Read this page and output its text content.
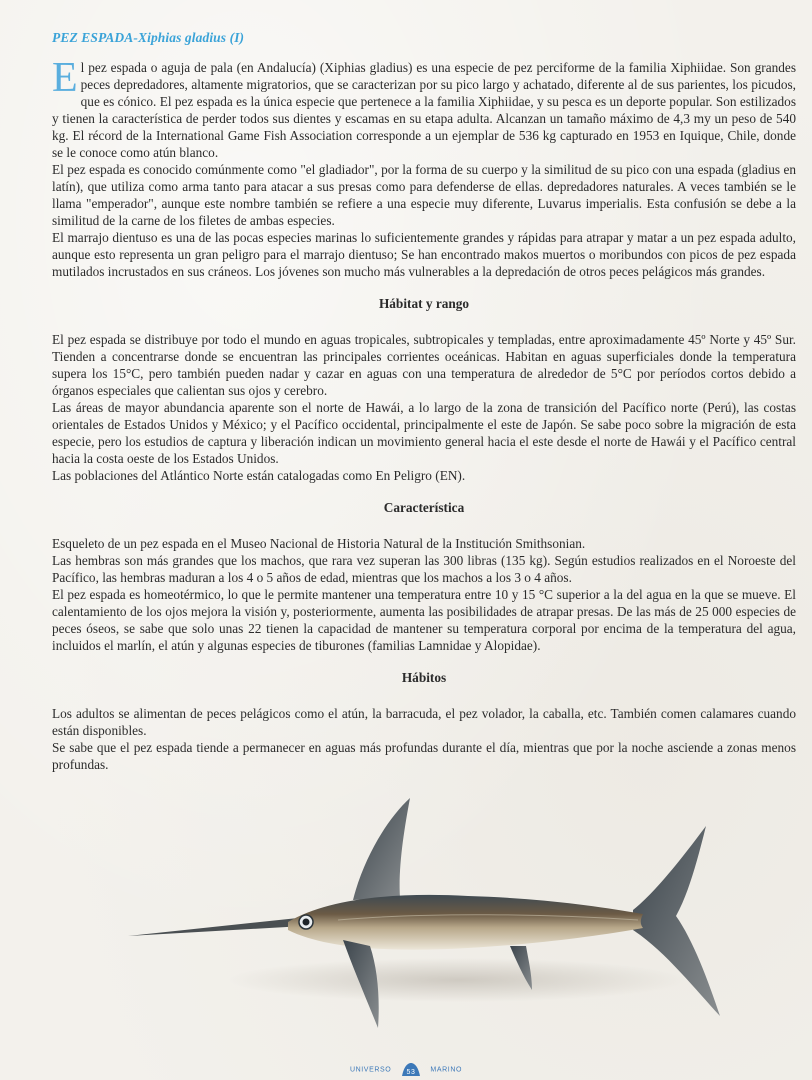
PEZ ESPADA-Xiphias gladius (I)

El pez espada o aguja de pala (en Andalucía) (Xiphias gladius) es una especie de pez perciforme de la familia Xiphiidae. Son grandes peces depredadores, altamente migratorios, que se caracterizan por su pico largo y achatado, diferente al de sus parientes, los picudos, que es cónico. El pez espada es la única especie que pertenece a la familia Xiphiidae, y su pesca es un deporte popular. Son estilizados y tienen la característica de perder todos sus dientes y escamas en su etapa adulta. Alcanzan un tamaño máximo de 4,3 my un peso de 540 kg. El récord de la International Game Fish Association corresponde a un ejemplar de 536 kg capturado en 1953 en Iquique, Chile, donde se le conoce como atún blanco.

El pez espada es conocido comúnmente como "el gladiador", por la forma de su cuerpo y la similitud de su pico con una espada (gladius en latín), que utiliza como arma tanto para atacar a sus presas como para defenderse de ellas. depredadores naturales. A veces también se le llama "emperador", aunque este nombre también se refiere a una especie muy diferente, Luvarus imperialis. Esta confusión se debe a la similitud de la carne de los filetes de ambas especies.

El marrajo dientuso es una de las pocas especies marinas lo suficientemente grandes y rápidas para atrapar y matar a un pez espada adulto, aunque esto representa un gran peligro para el marrajo dientuso; Se han encontrado makos muertos o moribundos con picos de pez espada mutilados incrustados en sus cráneos. Los jóvenes son mucho más vulnerables a la depredación de otros peces pelágicos más grandes.

Hábitat y rango

El pez espada se distribuye por todo el mundo en aguas tropicales, subtropicales y templadas, entre aproximadamente 45º Norte y 45º Sur. Tienden a concentrarse donde se encuentran las principales corrientes oceánicas. Habitan en aguas superficiales donde la temperatura supera los 15°C, pero también pueden nadar y cazar en aguas con una temperatura de alrededor de 5°C por períodos cortos debido a órganos especiales que calientan sus ojos y cerebro.

Las áreas de mayor abundancia aparente son el norte de Hawái, a lo largo de la zona de transición del Pacífico norte (Perú), las costas orientales de Estados Unidos y México; y el Pacífico occidental, principalmente el este de Japón. Se sabe poco sobre la migración de esta especie, pero los estudios de captura y liberación indican un movimiento general hacia el este desde el norte de Hawái y el Pacífico central hacia la costa oeste de los Estados Unidos.

Las poblaciones del Atlántico Norte están catalogadas como En Peligro (EN).

Característica

Esqueleto de un pez espada en el Museo Nacional de Historia Natural de la Institución Smithsonian.

Las hembras son más grandes que los machos, que rara vez superan las 300 libras (135 kg). Según estudios realizados en el Noroeste del Pacífico, las hembras maduran a los 4 o 5 años de edad, mientras que los machos a los 3 o 4 años.

El pez espada es homeotérmico, lo que le permite mantener una temperatura entre 10 y 15 °C superior a la del agua en la que se mueve. El calentamiento de los ojos mejora la visión y, posteriormente, aumenta las posibilidades de atrapar presas. De las más de 25 000 especies de peces óseos, se sabe que solo unas 22 tienen la capacidad de mantener su temperatura corporal por encima de la temperatura del agua, incluidos el marlín, el atún y algunas especies de tiburones (familias Lamnidae y Alopidae).

Hábitos

Los adultos se alimentan de peces pelágicos como el atún, la barracuda, el pez volador, la caballa, etc. También comen calamares cuando están disponibles.

Se sabe que el pez espada tiende a permanecer en aguas más profundas durante el día, mientras que por la noche asciende a zonas menos profundas.

UNIVERSO 53 MARINO
